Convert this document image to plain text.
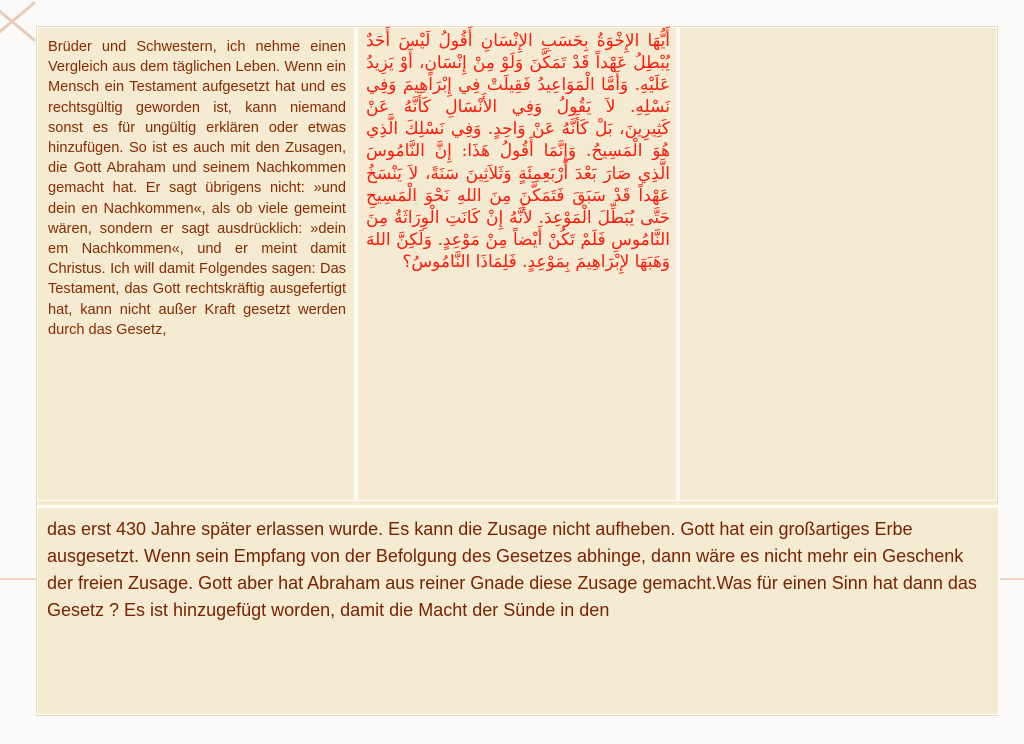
Brüder und Schwestern, ich nehme einen Vergleich aus dem täglichen Leben. Wenn ein Mensch ein Testament aufgesetzt hat und es rechtsgültig geworden ist, kann niemand sonst es für ungültig erklären oder etwas hinzufügen. So ist es auch mit den Zusagen, die Gott Abraham und seinem Nachkommen gemacht hat. Er sagt übrigens nicht: »und dein en Nachkommen«, als ob viele gemeint wären, sondern er sagt ausdrücklich: »dein em Nachkommen«, und er meint damit Christus. Ich will damit Folgendes sagen: Das Testament, das Gott rechtskräftig ausgefertigt hat, kann nicht außer Kraft gesetzt werden durch das Gesetz,
أَيُّهَا الإِخْوَةُ بِحَسَبِ الإِنْسَانِ أَقُولُ لَيْسَ أَحَدٌ يُبْطِلُ عَهْداً قَدْ تَمَكَّنَ وَلَوْ مِنْ إِنْسَانٍ، أَوْ يَزِيدُ عَلَيْهِ. وَأَمَّا الْمَوَاعِيدُ فَقِيلَتْ فِي إِبْرَاهِيمَ وَفِي نَسْلِهِ. لاَ يَقُولُ وَفِي الأَنْسَالِ كَأَنَّهُ عَنْ كَثِيرِينَ، بَلْ كَأَنَّهُ عَنْ وَاحِدٍ. وَفِي نَسْلِكَ الَّذِي هُوَ الْمَسِيحُ. وَإِنَّمَا أَقُولُ هَذَا: إِنَّ النَّامُوسَ الَّذِي صَارَ بَعْدَ أَرْبَعِمِئَةٍ وَثَلاَثِينَ سَنَةً، لاَ يَنْسَخُ عَهْداً قَدْ سَبَقَ فَتَمَكَّنَ مِنَ اللهِ نَحْوَ الْمَسِيحِ حَتَّى يُبَطِّلَ الْمَوْعِدَ. لأَنَّهُ إِنْ كَانَتِ الْوِرَاثَةُ مِنَ النَّامُوسِ فَلَمْ تَكُنْ أَيْضاً مِنْ مَوْعِدٍ. وَلَكِنَّ اللهَ وَهَبَهَا لإِبْرَاهِيمَ بِمَوْعِدٍ. فَلِمَاذَا النَّامُوسُ؟
das erst 430 Jahre später erlassen wurde. Es kann die Zusage nicht aufheben. Gott hat ein großartiges Erbe ausgesetzt. Wenn sein Empfang von der Befolgung des Gesetzes abhinge, dann wäre es nicht mehr ein Geschenk der freien Zusage. Gott aber hat Abraham aus reiner Gnade diese Zusage gemacht.Was für einen Sinn hat dann das Gesetz ? Es ist hinzugefügt worden, damit die Macht der Sünde in den
